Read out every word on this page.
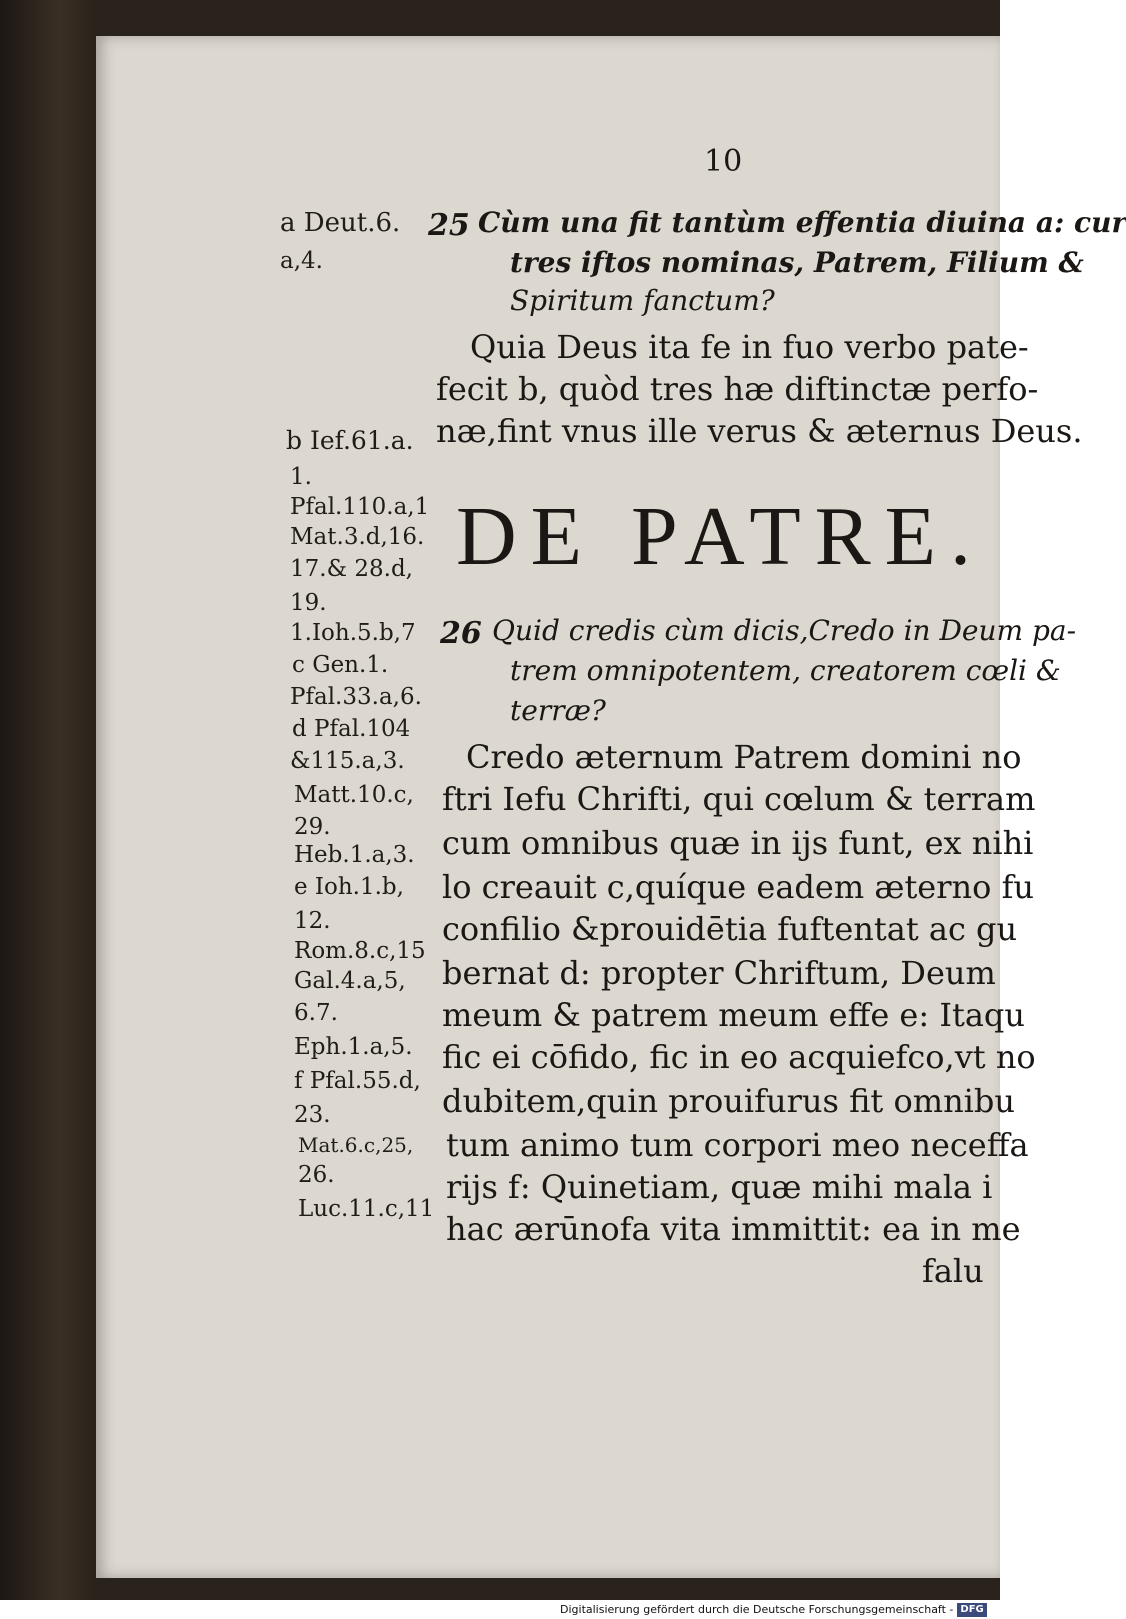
10
a Deut.6.
a,4.
b Ief.61.a.
1.
Pfal.110.a,1
Mat.3.d,16.
17.& 28.d,
19.
1.Ioh.5.b,7
c Gen.1.
Pfal.33.a,6.
d Pfal.104
&115.a,3.
Matt.10.c,
29.
Heb.1.a,3.
e Ioh.1.b,
12.
Rom.8.c,15
Gal.4.a,5,
6.7.
Eph.1.a,5.
f Pfal.55.d,
23.
Mat.6.c,25,
26.
Luc.11.c,11
25 Cùm una fit tantùm effentia diuina a: cur
tres iftos nominas, Patrem, Filium &
Spiritum fanctum?
Quia Deus ita fe in fuo verbo pate-
fecit b, quòd tres hæ diftinctæ perfo-
næ,fint vnus ille verus & æternus Deus.
DE PATRE.
26 Quid credis cùm dicis,Credo in Deum pa-
trem omnipotentem, creatorem cœli &
terræ?
Credo æternum Patrem domini no
ftri Iefu Chrifti, qui cœlum & terram
cum omnibus quæ in ijs funt, ex nihi
lo creauit c,quíque eadem æterno fu
confilio &prouidētia fuftentat ac gu
bernat d: propter Chriftum, Deum
meum & patrem meum effe e: Itaqu
fic ei cōfido, fic in eo acquiefco,vt no
dubitem,quin prouifurus fit omnibu
tum animo tum corpori meo neceffa
rijs f: Quinetiam, quæ mihi mala i
hac ærūnofa vita immittit: ea in me
falu
Digitalisierung gefördert durch die Deutsche Forschungsgemeinschaft - DFG
